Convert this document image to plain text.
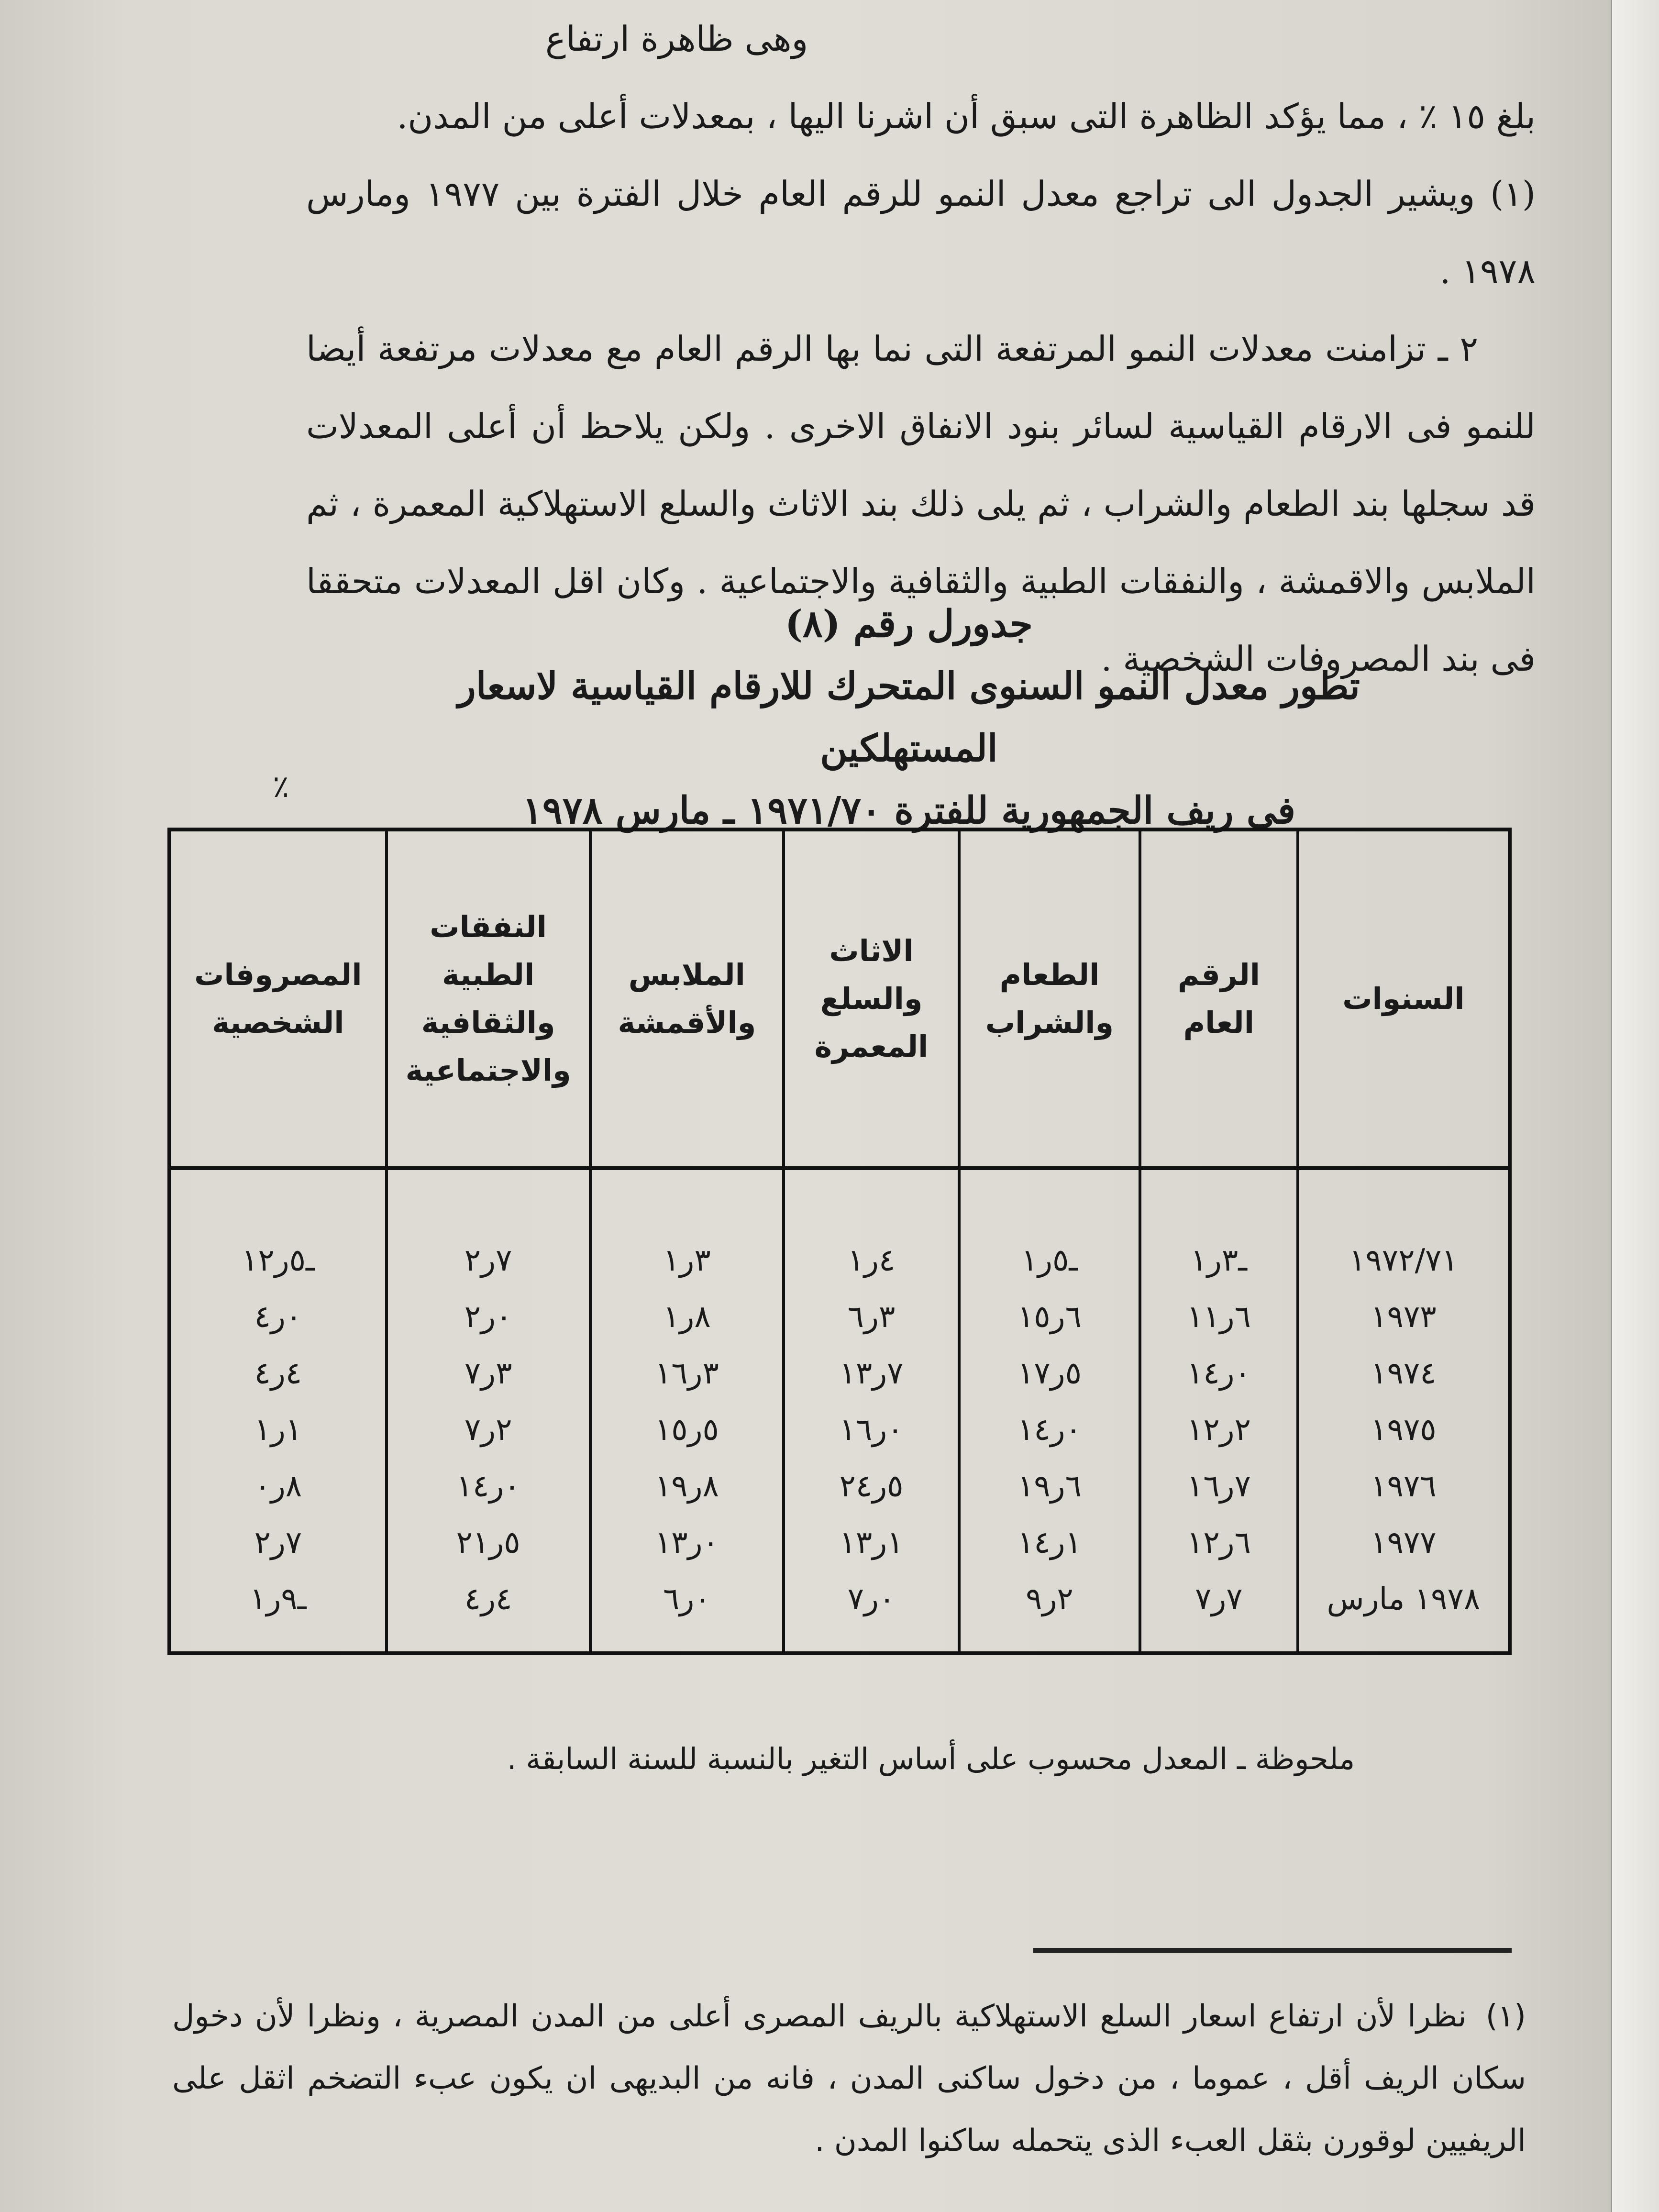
وهى ظاهرة ارتفاع

بلغ ١٥ ٪ ، مما يؤكد الظاهرة التى سبق أن اشرنا اليها ، بمعدلات أعلى من المدن.

(١) ويشير الجدول الى تراجع معدل النمو للرقم العام خلال الفترة بين ١٩٧٧ ومارس ١٩٧٨ .

٢ ـ تزامنت معدلات النمو المرتفعة التى نما بها الرقم العام مع معدلات مرتفعة أيضا للنمو فى الارقام القياسية لسائر بنود الانفاق الاخرى . ولكن يلاحظ أن أعلى المعدلات قد سجلها بند الطعام والشراب ، ثم يلى ذلك بند الاثاث والسلع الاستهلاكية المعمرة ، ثم الملابس والاقمشة ، والنفقات الطبية والثقافية والاجتماعية . وكان اقل المعدلات متحققا فى بند المصروفات الشخصية .

جدورل رقم (٨)
تطور معدل النمو السنوى المتحرك للارقام القياسية لاسعار المستهلكين
فى ريف الجمهورية للفترة ١٩٧١/٧٠ ـ مارس ١٩٧٨
٪
السنوات	الرقم العام	الطعام والشراب	الاثاث والسلع المعمرة	الملابس والأقمشة	النفقات الطبية والثقافية والاجتماعية	المصروفات الشخصية
١٩٧٢/٧١	ـ٣ر١	ـ٥ر١	٤ر١	٣ر١	٧ر٢	ـ٥ر١٢
١٩٧٣	٦ر١١	٦ر١٥	٣ر٦	٨ر١	٠ر٢	٠ر٤
١٩٧٤	٠ر١٤	٥ر١٧	٧ر١٣	٣ر١٦	٣ر٧	٤ر٤
١٩٧٥	٢ر١٢	٠ر١٤	٠ر١٦	٥ر١٥	٢ر٧	١ر١
١٩٧٦	٧ر١٦	٦ر١٩	٥ر٢٤	٨ر١٩	٠ر١٤	٨ر٠
١٩٧٧	٦ر١٢	١ر١٤	١ر١٣	٠ر١٣	٥ر٢١	٧ر٢
١٩٧٨ مارس	٧ر٧	٢ر٩	٠ر٧	٠ر٦	٤ر٤	ـ٩ر١
ملحوظة ـ المعدل محسوب على أساس التغير بالنسبة للسنة السابقة .
(١)نظرا لأن ارتفاع اسعار السلع الاستهلاكية بالريف المصرى أعلى من المدن المصرية ، ونظرا لأن دخول سكان الريف أقل ، عموما ، من دخول ساكنى المدن ، فانه من البديهى ان يكون عبء التضخم اثقل على الريفيين لوقورن بثقل العبء الذى يتحمله ساكنوا المدن .
